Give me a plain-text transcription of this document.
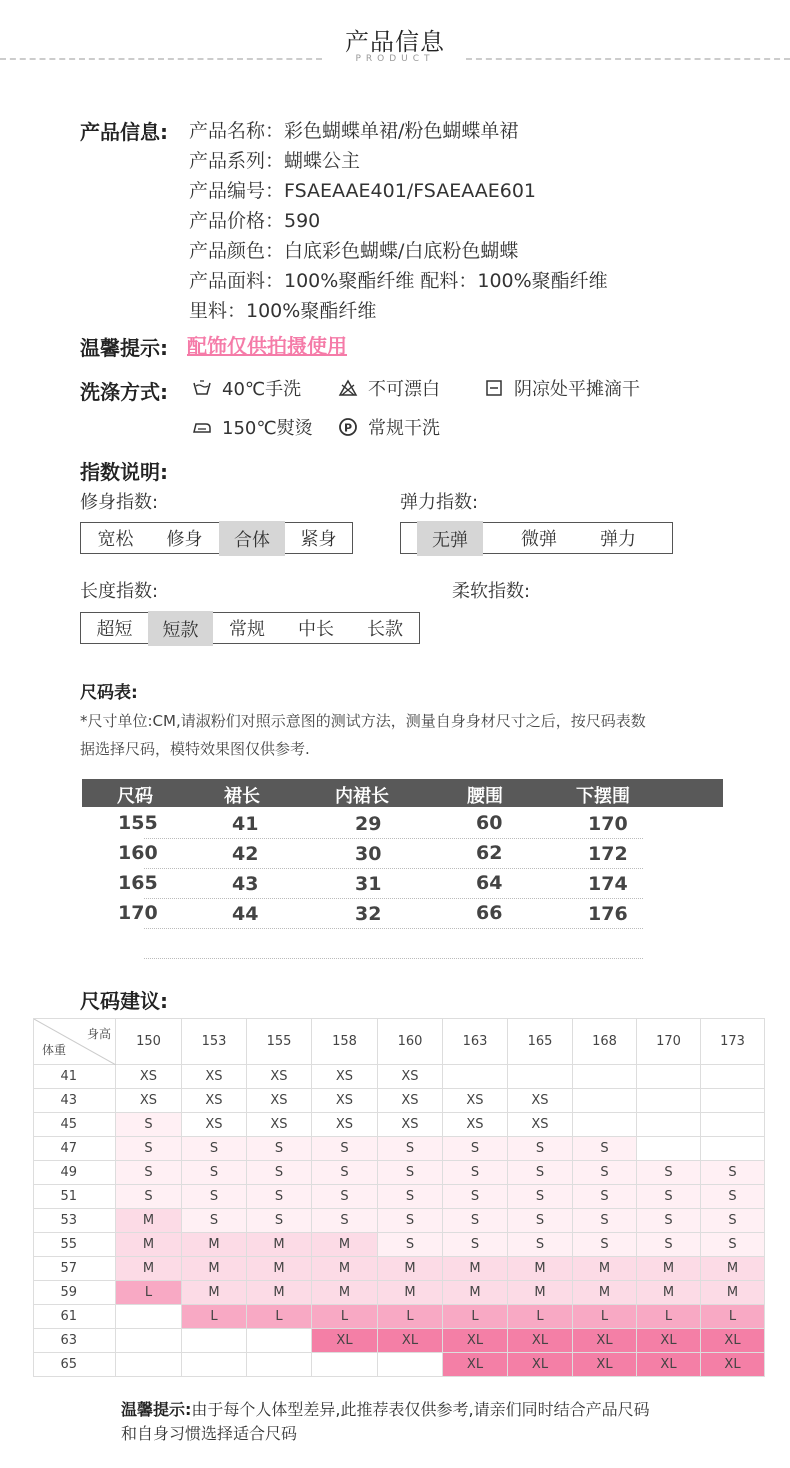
产品信息
PRODUCT
产品信息: 产品名称：彩色蝴蝶单裙/粉色蝴蝶单裙
产品系列：蝴蝶公主
产品编号：FSAEAAE401/FSAEAAE601
产品价格：590
产品颜色：白底彩色蝴蝶/白底粉色蝴蝶
产品面料：100%聚酯纤维 配料：100%聚酯纤维
里料：100%聚酯纤维
温馨提示: 配饰仅供拍摄使用
洗涤方式:	40℃手洗	不可漂白	阴凉处平摊滴干
150℃熨烫	P 常规干洗
指数说明:
修身指数:
宽松	修身	合体	紧身
弹力指数:
无弹	微弹	弹力
长度指数:
超短	短款	常规	中长	长款
柔软指数:
尺码表:
*尺寸单位:CM,请淑粉们对照示意图的测试方法，测量自身身材尺寸之后，按尺码表数
据选择尺码，模特效果图仅供参考.
尺码	裙长	内裙长	腰围	下摆围
155	41	29	60	170
160	42	30	62	172
165	43	31	64	174
170	44	32	66	176
尺码建议:
身高
体重	150	153	155	158	160	163	165	168	170	173
41	XS	XS	XS	XS	XS					
43	XS	XS	XS	XS	XS	XS	XS			
45	S	XS	XS	XS	XS	XS	XS			
47	S	S	S	S	S	S	S	S		
49	S	S	S	S	S	S	S	S	S	S
51	S	S	S	S	S	S	S	S	S	S
53	M	S	S	S	S	S	S	S	S	S
55	M	M	M	M	S	S	S	S	S	S
57	M	M	M	M	M	M	M	M	M	M
59	L	M	M	M	M	M	M	M	M	M
61		L	L	L	L	L	L	L	L	L
63				XL	XL	XL	XL	XL	XL	XL
65						XL	XL	XL	XL	XL
温馨提示:由于每个人体型差异,此推荐表仅供参考,请亲们同时结合产品尺码
和自身习惯选择适合尺码
